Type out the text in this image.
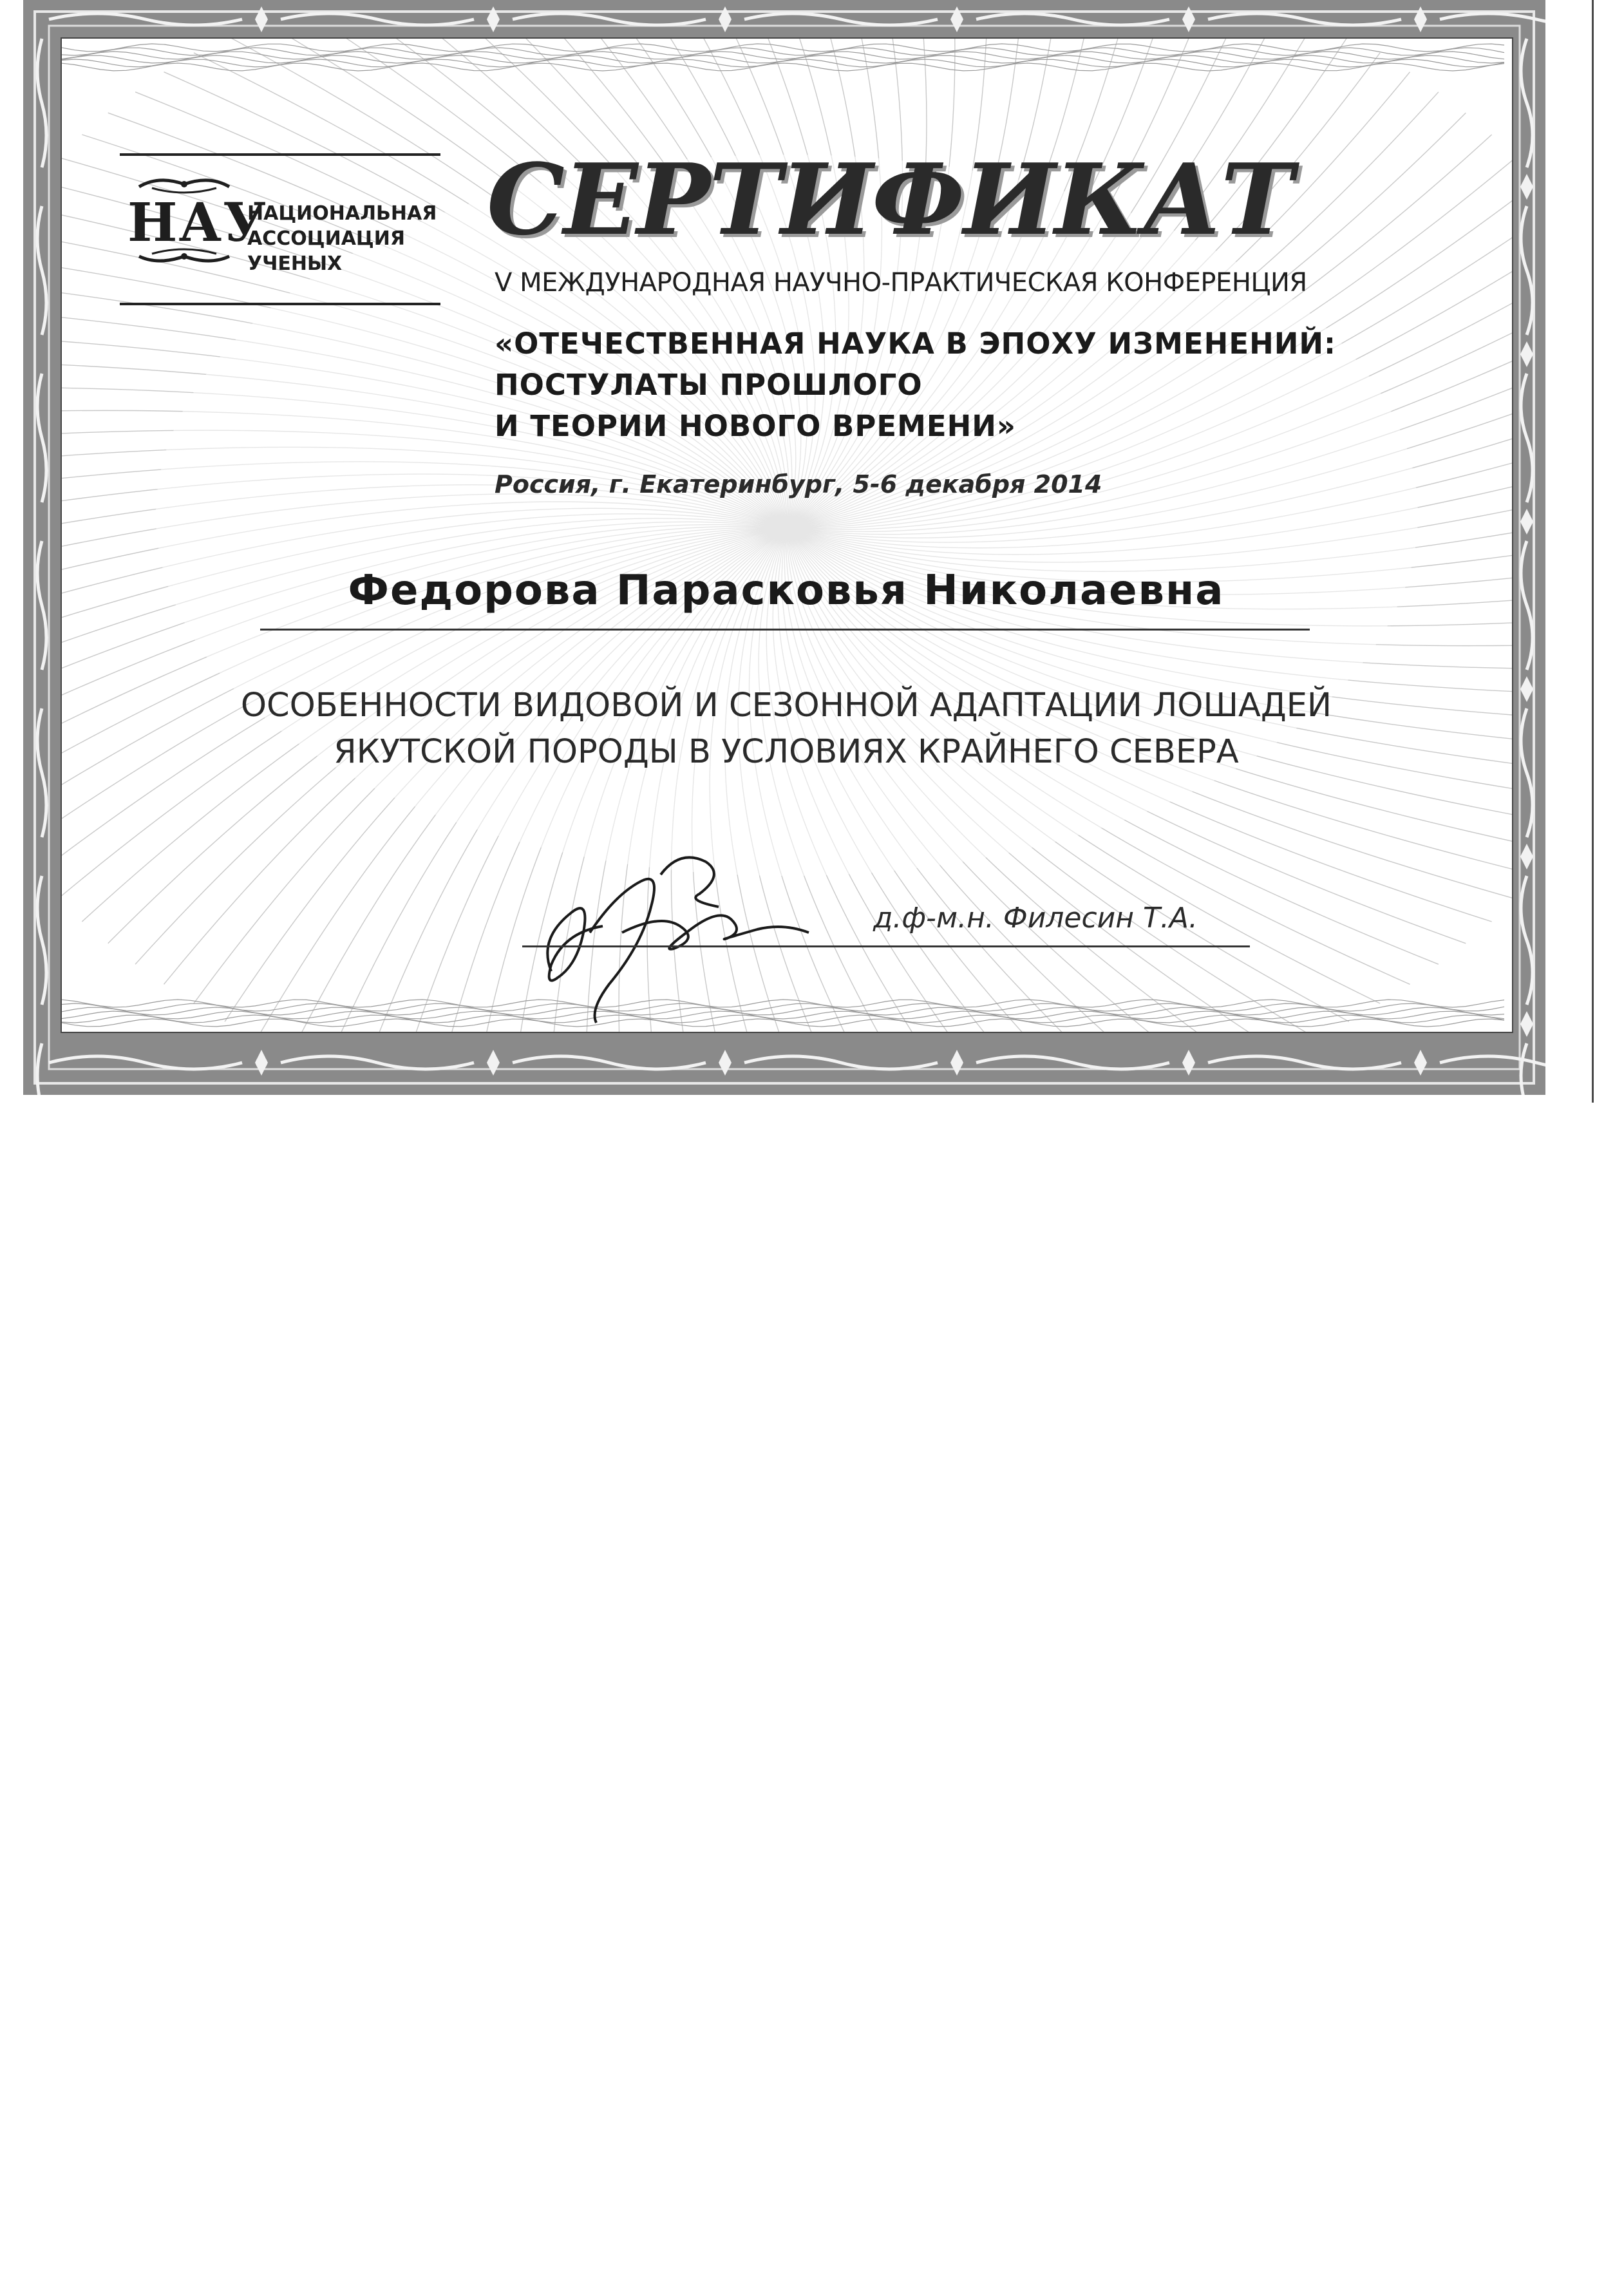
НАУ
НАЦИОНАЛЬНАЯ
АССОЦИАЦИЯ
УЧЕНЫХ
СЕРТИФИКАТ
V МЕЖДУНАРОДНАЯ НАУЧНО-ПРАКТИЧЕСКАЯ КОНФЕРЕНЦИЯ
«ОТЕЧЕСТВЕННАЯ НАУКА В ЭПОХУ ИЗМЕНЕНИЙ:
ПОСТУЛАТЫ ПРОШЛОГО
И ТЕОРИИ НОВОГО ВРЕМЕНИ»
Россия, г. Екатеринбург, 5-6 декабря 2014
Федорова Парасковья Николаевна
ОСОБЕННОСТИ ВИДОВОЙ И СЕЗОННОЙ АДАПТАЦИИ ЛОШАДЕЙ
ЯКУТСКОЙ ПОРОДЫ В УСЛОВИЯХ КРАЙНЕГО СЕВЕРА
д.ф-м.н. Филесин Т.А.
